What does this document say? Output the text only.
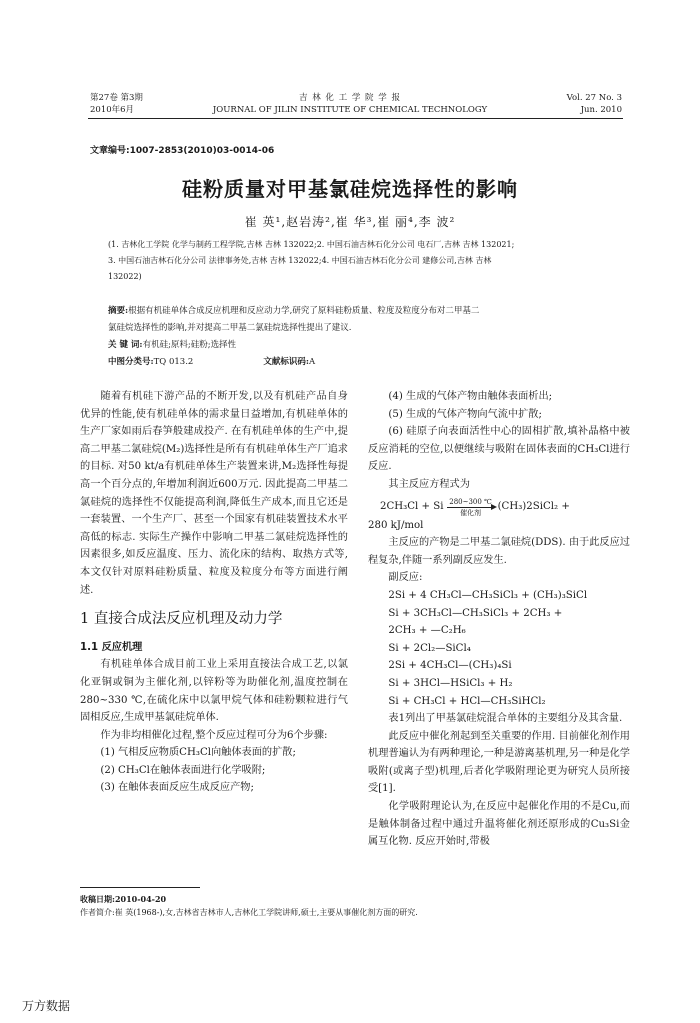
第27卷 第3期
2010年6月
吉 林 化 工 学 院 学 报
JOURNAL OF JILIN INSTITUTE OF CHEMICAL TECHNOLOGY
Vol. 27 No. 3
Jun. 2010
文章编号:1007-2853(2010)03-0014-06
硅粉质量对甲基氯硅烷选择性的影响
崔 英¹,赵岩涛²,崔 华³,崔 丽⁴,李 波²
(1. 吉林化工学院 化学与制药工程学院,吉林 吉林 132022;2. 中国石油吉林石化分公司 电石厂,吉林 吉林 132021;
3. 中国石油吉林石化分公司 法律事务处,吉林 吉林 132022;4. 中国石油吉林石化分公司 建修公司,吉林 吉林
132022)
摘要:根据有机硅单体合成反应机理和反应动力学,研究了原料硅粉质量、粒度及粒度分布对二甲基二
氯硅烷选择性的影响,并对提高二甲基二氯硅烷选择性提出了建议.
关 键 词:有机硅;原料;硅粉;选择性
中图分类号:TQ 013.2	文献标识码:A

随着有机硅下游产品的不断开发,以及有机硅产品自身优异的性能,使有机硅单体的需求量日益增加,有机硅单体的生产厂家如雨后春笋般建成投产. 在有机硅单体的生产中,提高二甲基二氯硅烷(M₂)选择性是所有有机硅单体生产厂追求的目标. 对50 kt/a有机硅单体生产装置来讲,M₂选择性每提高一个百分点的,年增加利润近600万元. 因此提高二甲基二氯硅烷的选择性不仅能提高利润,降低生产成本,而且它还是一套装置、一个生产厂、甚至一个国家有机硅装置技术水平高低的标志. 实际生产操作中影响二甲基二氯硅烷选择性的因素很多,如反应温度、压力、流化床的结构、取热方式等,本文仅针对原料硅粉质量、粒度及粒度分布等方面进行阐述.

1 直接合成法反应机理及动力学
1.1 反应机理

有机硅单体合成目前工业上采用直接法合成工艺,以氯化亚铜或铜为主催化剂,以锌粉等为助催化剂,温度控制在280~330 ℃,在硫化床中以氯甲烷气体和硅粉颗粒进行气固相反应,生成甲基氯硅烷单体.

作为非均相催化过程,整个反应过程可分为6个步骤:

(1) 气相反应物质CH₃Cl向触体表面的扩散;

(2) CH₃Cl在触体表面进行化学吸附;

(3) 在触体表面反应生成反应产物;

(4) 生成的气体产物由触体表面析出;

(5) 生成的气体产物向气流中扩散;

(6) 硅原子向表面活性中心的固相扩散,填补晶格中被反应消耗的空位,以便继续与吸附在固体表面的CH₃Cl进行反应.

其主反应方程式为

2CH₃Cl + Si 280~300 ℃
催化剂
(CH₃)2SiCl₂ +

280 kJ/mol

主反应的产物是二甲基二氯硅烷(DDS). 由于此反应过程复杂,伴随一系列副反应发生.

副反应:

2Si + 4 CH₃Cl—CH₃SiCl₃ + (CH₃)₃SiCl

Si + 3CH₃Cl—CH₃SiCl₃ + 2CH₃ +

2CH₃ + —C₂H₆

Si + 2Cl₂—SiCl₄

2Si + 4CH₃Cl—(CH₃)₄Si

Si + 3HCl—HSiCl₃ + H₂

Si + CH₃Cl + HCl—CH₃SiHCl₂

表1列出了甲基氯硅烷混合单体的主要组分及其含量.

此反应中催化剂起到至关重要的作用. 目前催化剂作用机理普遍认为有两种理论,一种是游离基机理,另一种是化学吸附(或离子型)机理,后者化学吸附理论更为研究人员所接受[1].

化学吸附理论认为,在反应中起催化作用的不是Cu,而是触体制备过程中通过升温将催化剂还原形成的Cu₃Si金属互化物. 反应开始时,带极

收稿日期:2010-04-20
作者简介:崔 英(1968-),女,吉林省吉林市人,吉林化工学院讲师,硕士,主要从事催化剂方面的研究.
万方数据
